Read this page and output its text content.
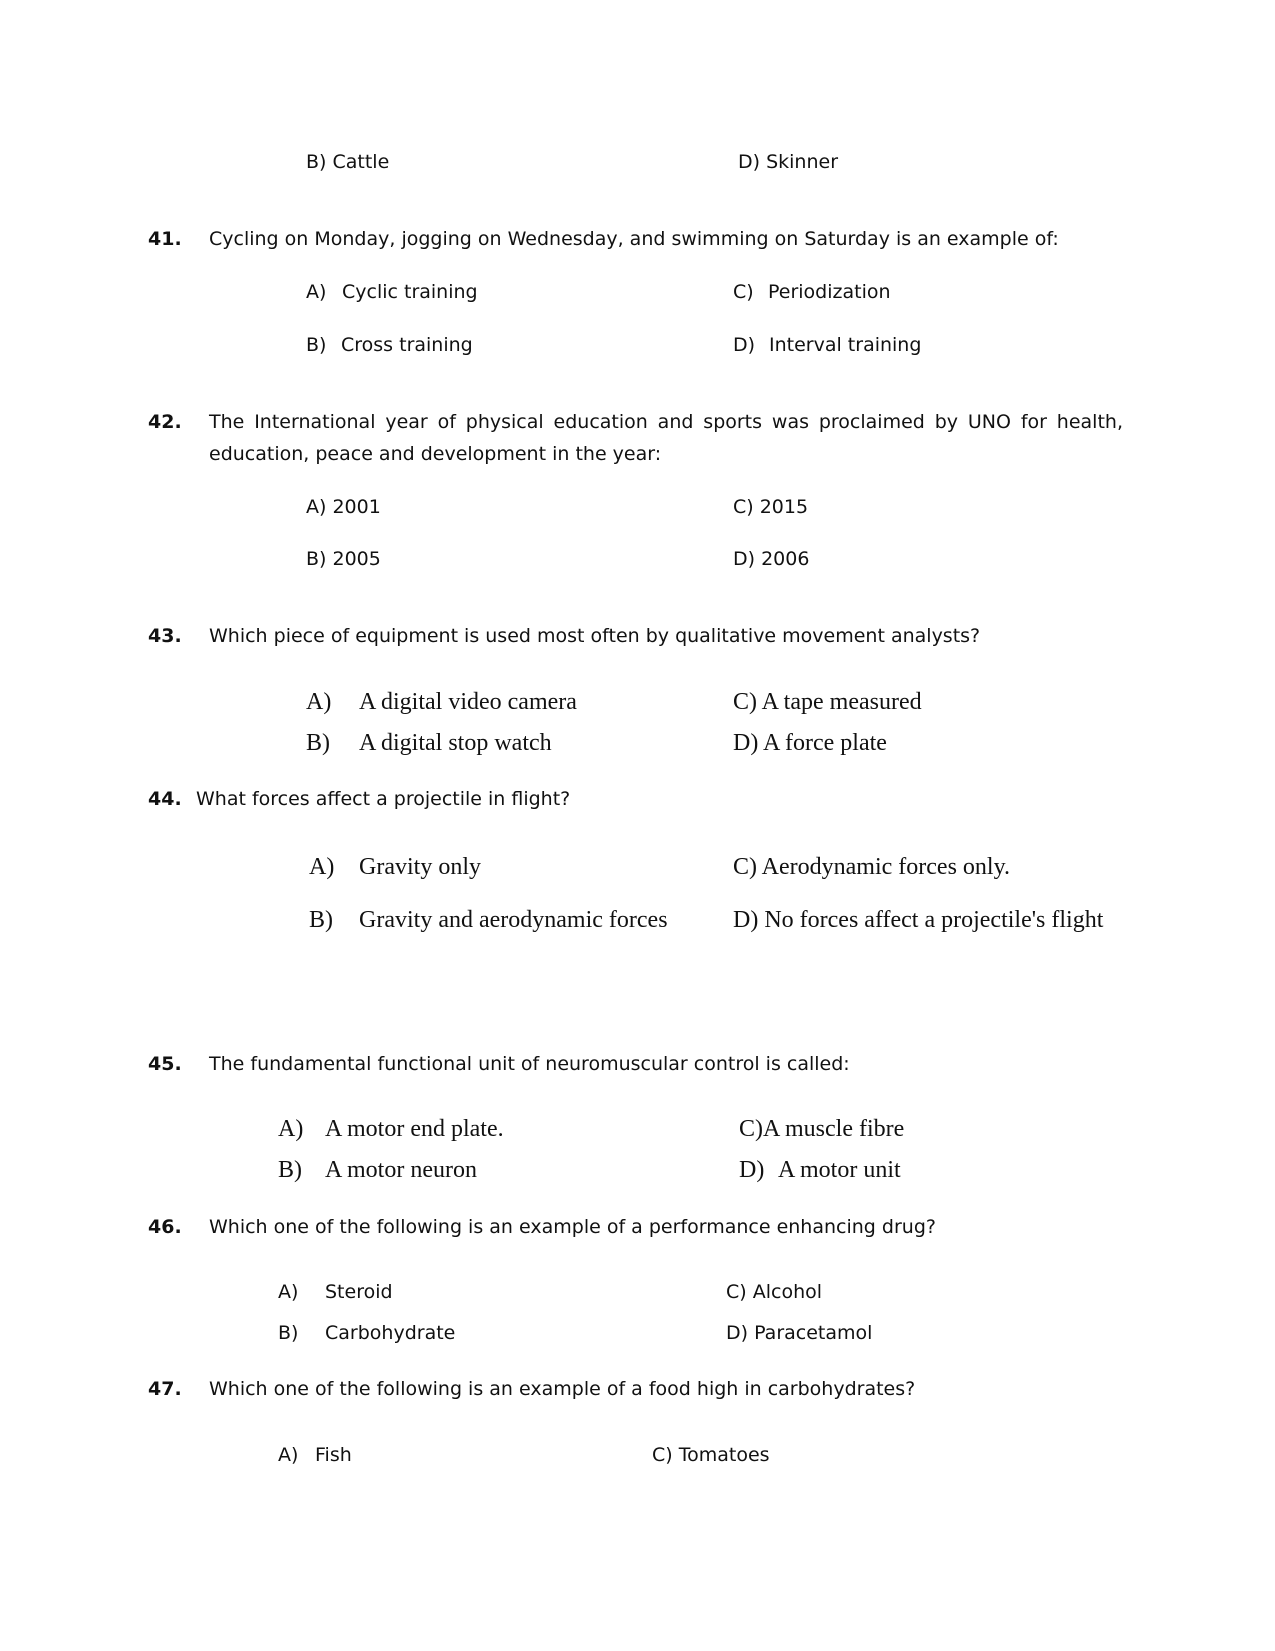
B) Cattle	D) Skinner
41. Cycling on Monday, jogging on Wednesday, and swimming on Saturday is an example of:
A) Cyclic training
B) Cross training
C) Periodization
D) Interval training
42. The International year of physical education and sports was proclaimed by UNO for health,
education, peace and development in the year:
A) 2001
B) 2005
C) 2015
D) 2006
43. Which piece of equipment is used most often by qualitative movement analysts?
A) A digital video camera
B) A digital stop watch
C) A tape measured
D) A force plate
44. What forces affect a projectile in flight?
A) Gravity only
B) Gravity and aerodynamic forces
C) Aerodynamic forces only.
D) No forces affect a projectile's flight
45. The fundamental functional unit of neuromuscular control is called:
A) A motor end plate.
B) A motor neuron
C)A muscle fibre
D) A motor unit
46. Which one of the following is an example of a performance enhancing drug?
A) Steroid
B) Carbohydrate
C) Alcohol
D) Paracetamol
47. Which one of the following is an example of a food high in carbohydrates?
A) Fish	C) Tomatoes
